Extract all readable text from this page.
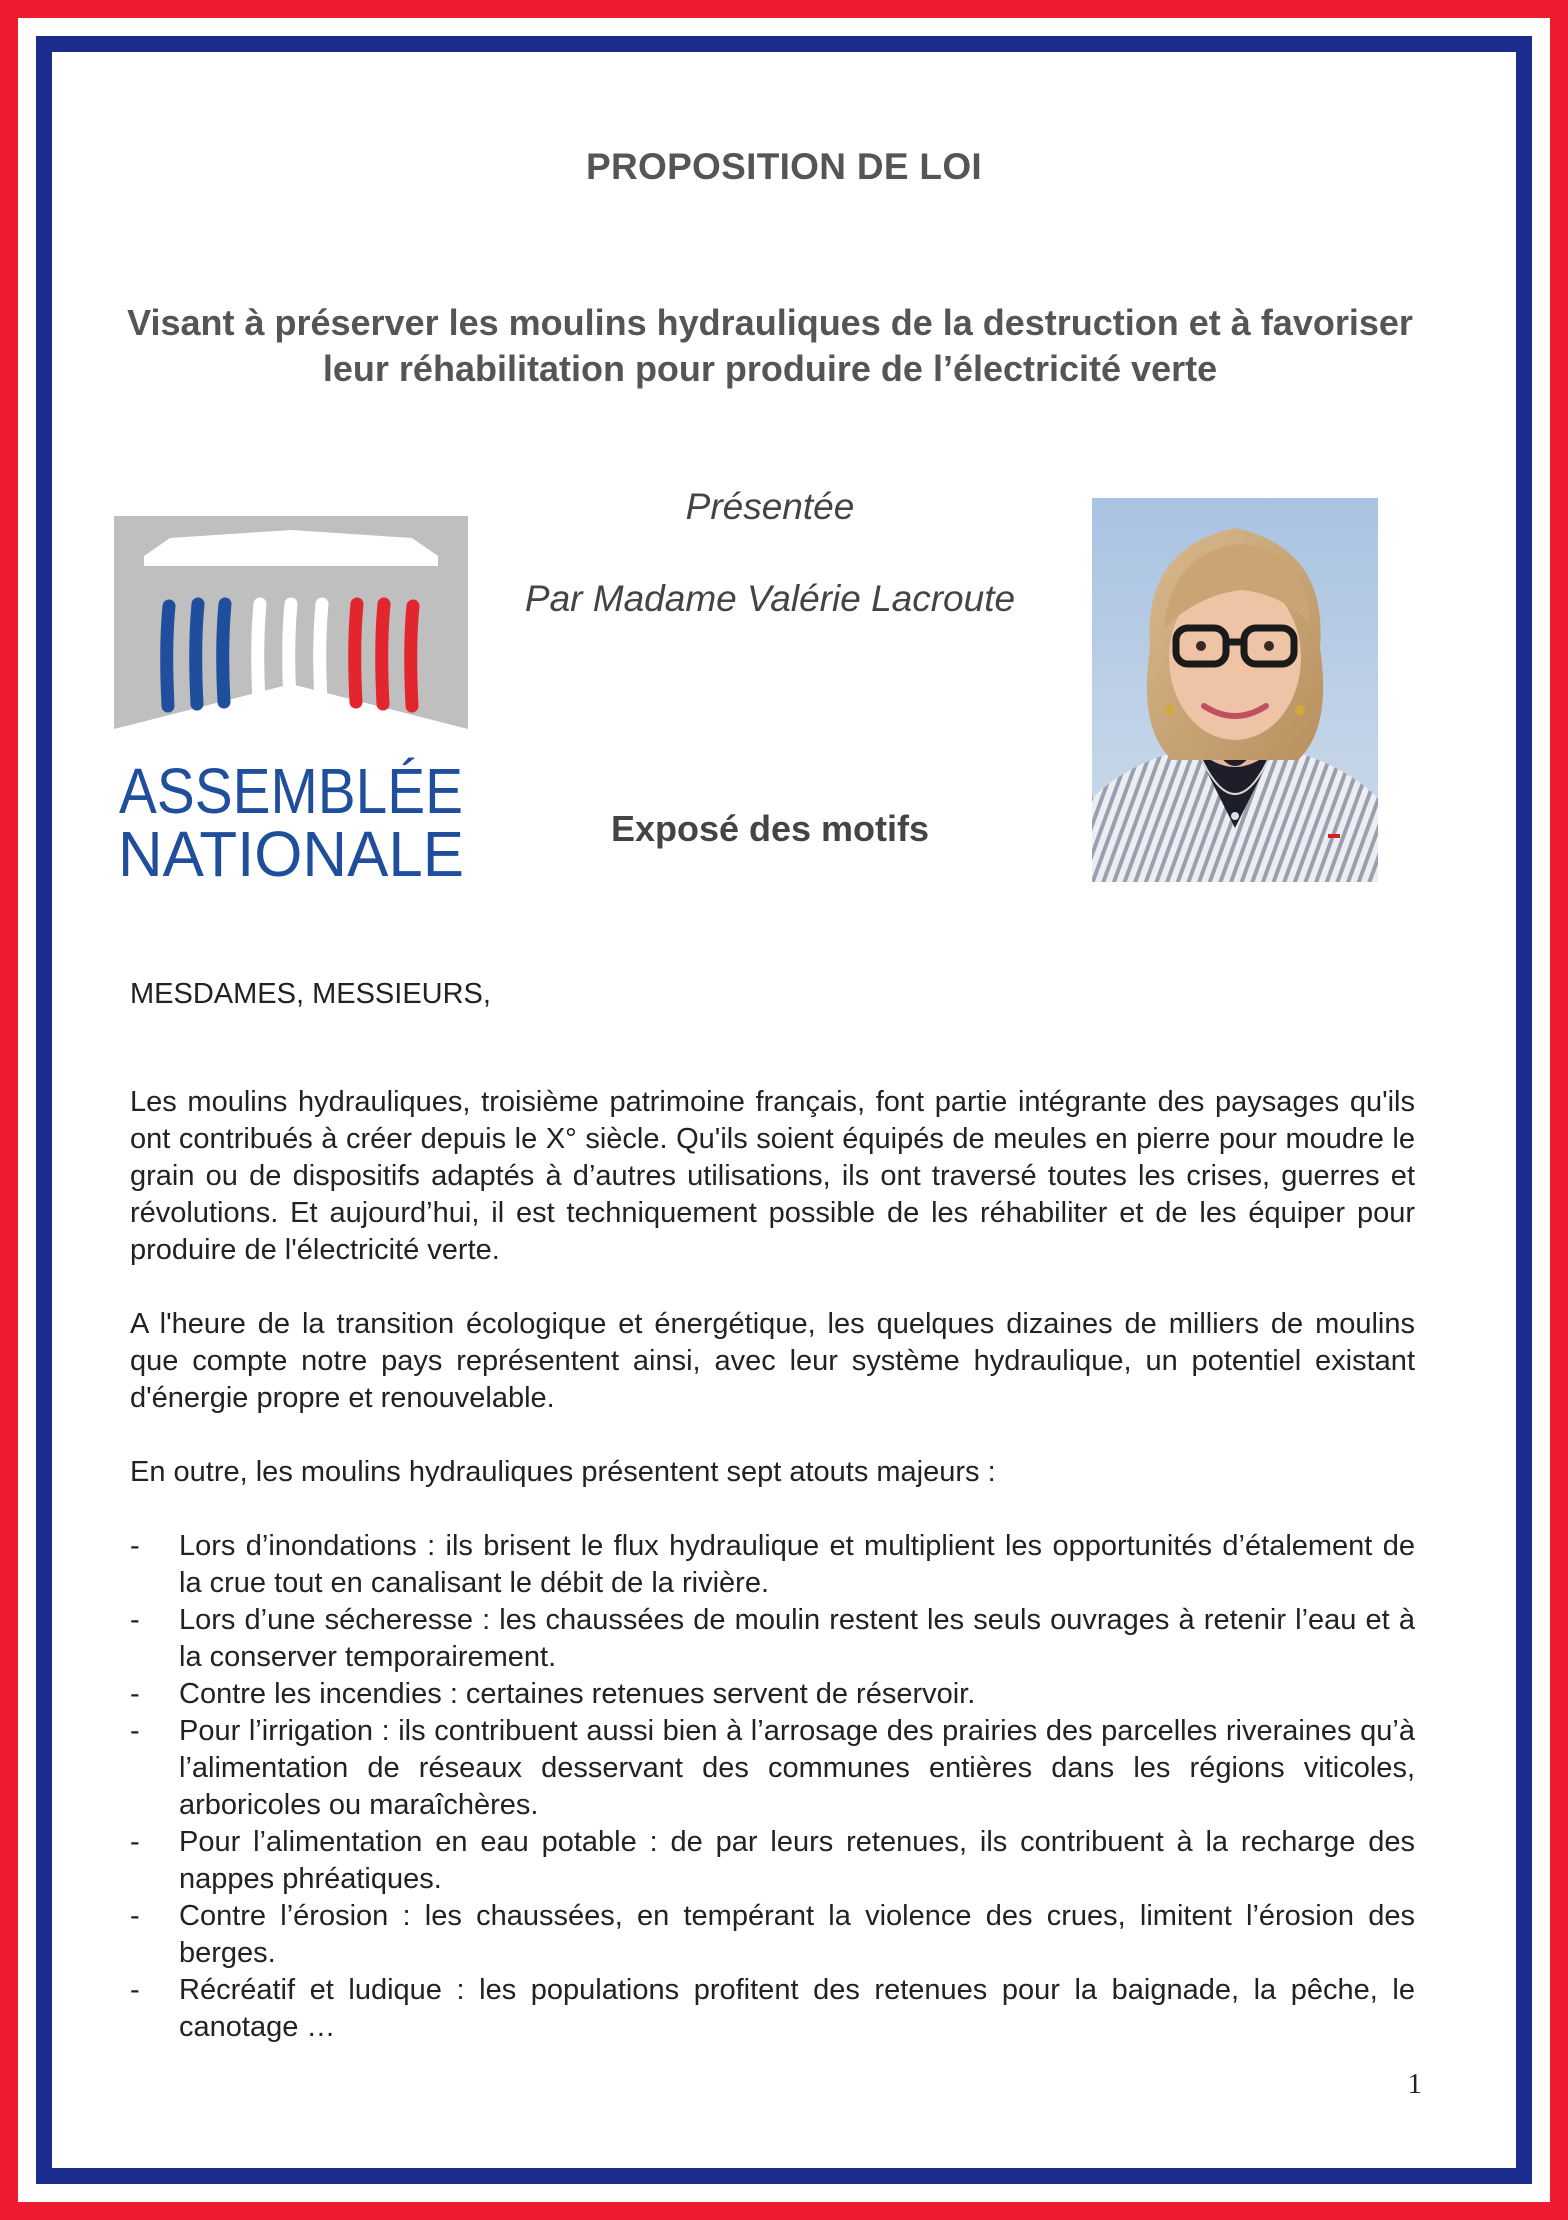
PROPOSITION DE LOI
Visant à préserver les moulins hydrauliques de la destruction et à favoriser leur réhabilitation pour produire de l’électricité verte
ASSEMBLÉE
NATIONALE
Présentée
Par Madame Valérie Lacroute
Exposé des motifs
MESDAMES, MESSIEURS,

Les moulins hydrauliques, troisième patrimoine français, font partie intégrante des paysages qu'ils ont contribués à créer depuis le X° siècle. Qu'ils soient équipés de meules en pierre pour moudre le grain ou de dispositifs adaptés à d’autres utilisations, ils ont traversé toutes les crises, guerres et révolutions. Et aujourd’hui, il est techniquement possible de les réhabiliter et de les équiper pour produire de l'électricité verte.

A l'heure de la transition écologique et énergétique, les quelques dizaines de milliers de moulins que compte notre pays représentent ainsi, avec leur système hydraulique, un potentiel existant d'énergie propre et renouvelable.

En outre, les moulins hydrauliques présentent sept atouts majeurs :

- Lors d’inondations : ils brisent le flux hydraulique et multiplient les opportunités d’étalement de la crue tout en canalisant le débit de la rivière.
- Lors d’une sécheresse : les chaussées de moulin restent les seuls ouvrages à retenir l’eau et à la conserver temporairement.
- Contre les incendies : certaines retenues servent de réservoir.
- Pour l’irrigation : ils contribuent aussi bien à l’arrosage des prairies des parcelles riveraines qu’à l’alimentation de réseaux desservant des communes entières dans les régions viticoles, arboricoles ou maraîchères.
- Pour l’alimentation en eau potable : de par leurs retenues, ils contribuent à la recharge des nappes phréatiques.
- Contre l’érosion : les chaussées, en tempérant la violence des crues, limitent l’érosion des berges.
- Récréatif et ludique : les populations profitent des retenues pour la baignade, la pêche, le canotage …
1
